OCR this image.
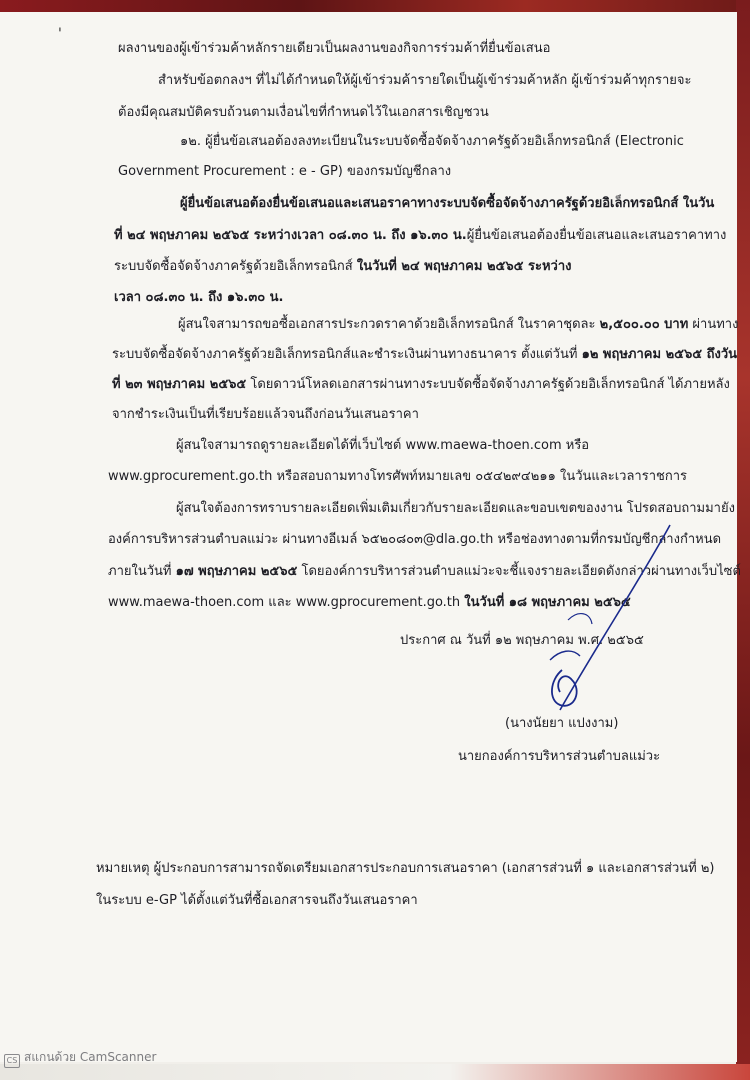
'
ผลงานของผู้เข้าร่วมค้าหลักรายเดียวเป็นผลงานของกิจการร่วมค้าที่ยื่นข้อเสนอ
สำหรับข้อตกลงฯ ที่ไม่ได้กำหนดให้ผู้เข้าร่วมค้ารายใดเป็นผู้เข้าร่วมค้าหลัก ผู้เข้าร่วมค้าทุกรายจะ
ต้องมีคุณสมบัติครบถ้วนตามเงื่อนไขที่กำหนดไว้ในเอกสารเชิญชวน
๑๒. ผู้ยื่นข้อเสนอต้องลงทะเบียนในระบบจัดซื้อจัดจ้างภาครัฐด้วยอิเล็กทรอนิกส์ (Electronic
Government Procurement : e - GP) ของกรมบัญชีกลาง
ผู้ยื่นข้อเสนอต้องยื่นข้อเสนอและเสนอราคาทางระบบจัดซื้อจัดจ้างภาครัฐด้วยอิเล็กทรอนิกส์ ในวัน
ที่ ๒๔ พฤษภาคม ๒๕๖๕ ระหว่างเวลา ๐๘.๓๐ น. ถึง ๑๖.๓๐ น.ผู้ยื่นข้อเสนอต้องยื่นข้อเสนอและเสนอราคาทาง
ระบบจัดซื้อจัดจ้างภาครัฐด้วยอิเล็กทรอนิกส์ ในวันที่ ๒๔ พฤษภาคม ๒๕๖๕ ระหว่าง
เวลา ๐๘.๓๐ น. ถึง ๑๖.๓๐ น.
ผู้สนใจสามารถขอซื้อเอกสารประกวดราคาด้วยอิเล็กทรอนิกส์ ในราคาชุดละ ๒,๕๐๐.๐๐ บาท ผ่านทาง
ระบบจัดซื้อจัดจ้างภาครัฐด้วยอิเล็กทรอนิกส์และชำระเงินผ่านทางธนาคาร ตั้งแต่วันที่ ๑๒ พฤษภาคม ๒๕๖๕ ถึงวัน
ที่ ๒๓ พฤษภาคม ๒๕๖๕ โดยดาวน์โหลดเอกสารผ่านทางระบบจัดซื้อจัดจ้างภาครัฐด้วยอิเล็กทรอนิกส์ ได้ภายหลัง
จากชำระเงินเป็นที่เรียบร้อยแล้วจนถึงก่อนวันเสนอราคา
ผู้สนใจสามารถดูรายละเอียดได้ที่เว็บไซต์ www.maewa-thoen.com หรือ
www.gprocurement.go.th หรือสอบถามทางโทรศัพท์หมายเลข ๐๕๔๒๙๔๒๑๑ ในวันและเวลาราชการ
ผู้สนใจต้องการทราบรายละเอียดเพิ่มเติมเกี่ยวกับรายละเอียดและขอบเขตของงาน โปรดสอบถามมายัง
องค์การบริหารส่วนตำบลแม่วะ ผ่านทางอีเมล์ ๖๕๒๐๘๐๓@dla.go.th หรือช่องทางตามที่กรมบัญชีกลางกำหนด
ภายในวันที่ ๑๗ พฤษภาคม ๒๕๖๕ โดยองค์การบริหารส่วนตำบลแม่วะจะชี้แจงรายละเอียดดังกล่าวผ่านทางเว็บไซต์
www.maewa-thoen.com และ www.gprocurement.go.th ในวันที่ ๑๘ พฤษภาคม ๒๕๖๕
ประกาศ ณ วันที่ ๑๒ พฤษภาคม พ.ศ. ๒๕๖๕
(นางนัยยา แปงงาม)
นายกองค์การบริหารส่วนตำบลแม่วะ
หมายเหตุ ผู้ประกอบการสามารถจัดเตรียมเอกสารประกอบการเสนอราคา (เอกสารส่วนที่ ๑ และเอกสารส่วนที่ ๒)
ในระบบ e-GP ได้ตั้งแต่วันที่ซื้อเอกสารจนถึงวันเสนอราคา
CS สแกนด้วย CamScanner
